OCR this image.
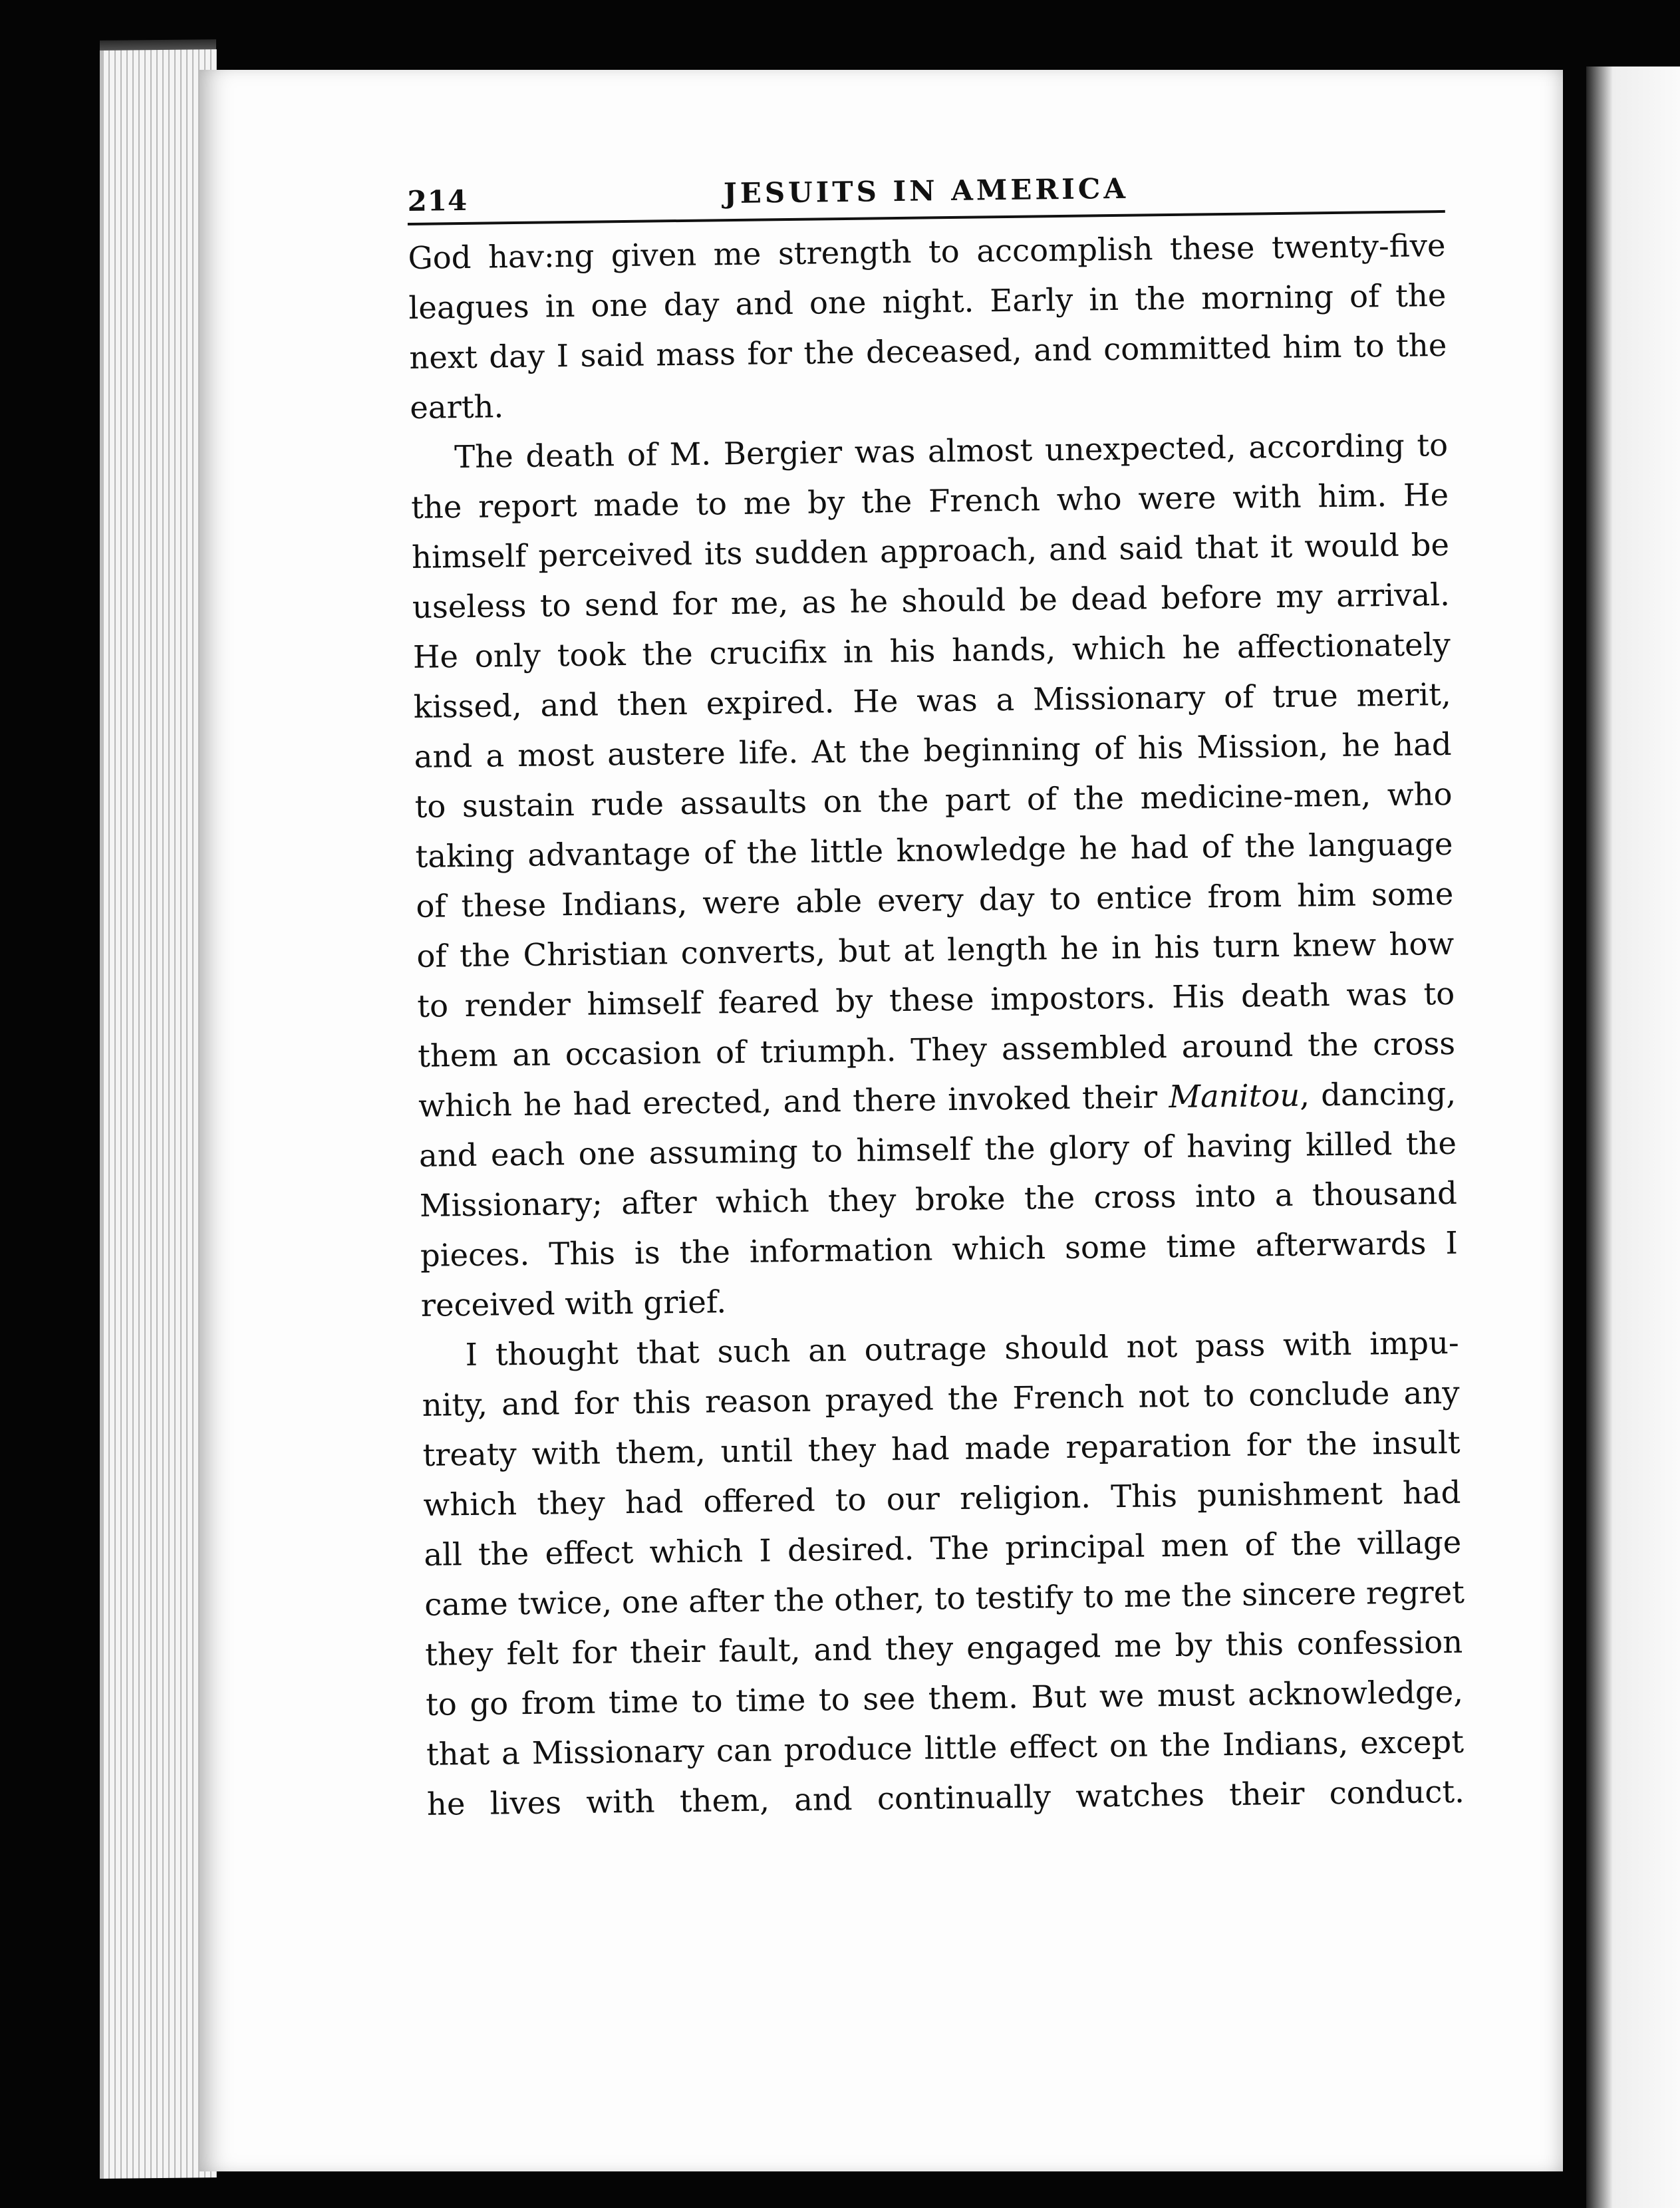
214	JESUITS IN AMERICA

God hav:ng given me strength to accomplish these twenty-five
leagues in one day and one night. Early in the morning of the
next day I said mass for the deceased, and committed him to the
earth.

The death of M. Bergier was almost unexpected, according to
the report made to me by the French who were with him. He
himself perceived its sudden approach, and said that it would be
useless to send for me, as he should be dead before my arrival.
He only took the crucifix in his hands, which he affectionately
kissed, and then expired. He was a Missionary of true merit,
and a most austere life. At the beginning of his Mission, he had
to sustain rude assaults on the part of the medicine-men, who
taking advantage of the little knowledge he had of the language
of these Indians, were able every day to entice from him some
of the Christian converts, but at length he in his turn knew how
to render himself feared by these impostors. His death was to
them an occasion of triumph. They assembled around the cross
which he had erected, and there invoked their Manitou, dancing,
and each one assuming to himself the glory of having killed the
Missionary; after which they broke the cross into a thousand
pieces. This is the information which some time afterwards I
received with grief.

I thought that such an outrage should not pass with impu-
nity, and for this reason prayed the French not to conclude any
treaty with them, until they had made reparation for the insult
which they had offered to our religion. This punishment had
all the effect which I desired. The principal men of the village
came twice, one after the other, to testify to me the sincere regret
they felt for their fault, and they engaged me by this confession
to go from time to time to see them. But we must acknowledge,
that a Missionary can produce little effect on the Indians, except
he lives with them, and continually watches their conduct.
